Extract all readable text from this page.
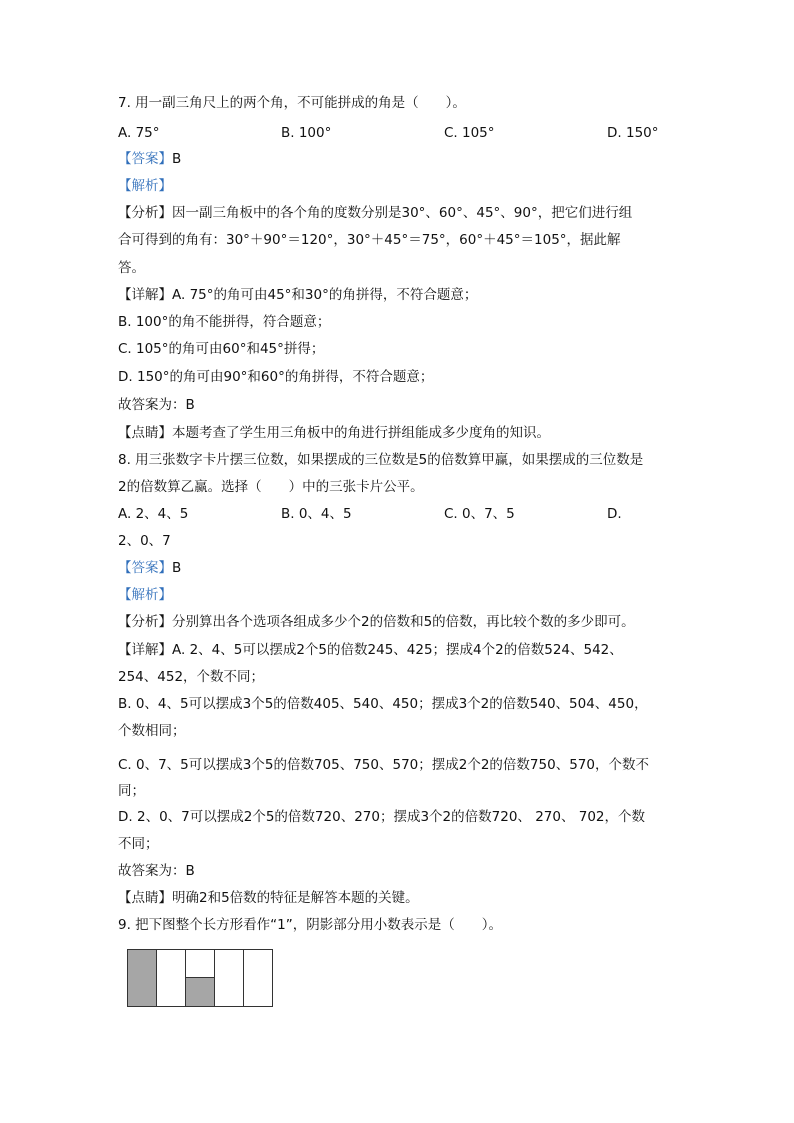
7. 用一副三角尺上的两个角，不可能拼成的角是（　　）。
A. 75°	B. 100°	C. 105°	D. 150°
【答案】B
【解析】
【分析】因一副三角板中的各个角的度数分别是30°、60°、45°、90°，把它们进行组
合可得到的角有：30°＋90°＝120°，30°＋45°＝75°，60°＋45°＝105°，据此解
答。
【详解】A. 75°的角可由45°和30°的角拼得，不符合题意；
B. 100°的角不能拼得，符合题意；
C. 105°的角可由60°和45°拼得；
D. 150°的角可由90°和60°的角拼得，不符合题意；
故答案为：B
【点睛】本题考查了学生用三角板中的角进行拼组能成多少度角的知识。
8. 用三张数字卡片摆三位数，如果摆成的三位数是5的倍数算甲赢，如果摆成的三位数是
2的倍数算乙赢。选择（　　）中的三张卡片公平。
A. 2、4、5	B. 0、4、5	C. 0、7、5	D.
2、0、7
【答案】B
【解析】
【分析】分别算出各个选项各组成多少个2的倍数和5的倍数，再比较个数的多少即可。
【详解】A. 2、4、5可以摆成2个5的倍数245、425；摆成4个2的倍数524、542、
254、452，个数不同；
B. 0、4、5可以摆成3个5的倍数405、540、450；摆成3个2的倍数540、504、450，
个数相同；
C. 0、7、5可以摆成3个5的倍数705、750、570；摆成2个2的倍数750、570，个数不
同；
D. 2、0、7可以摆成2个5的倍数720、270；摆成3个2的倍数720、 270、 702，个数
不同；
故答案为：B
【点睛】明确2和5倍数的特征是解答本题的关键。
9. 把下图整个长方形看作“1”，阴影部分用小数表示是（　　）。
